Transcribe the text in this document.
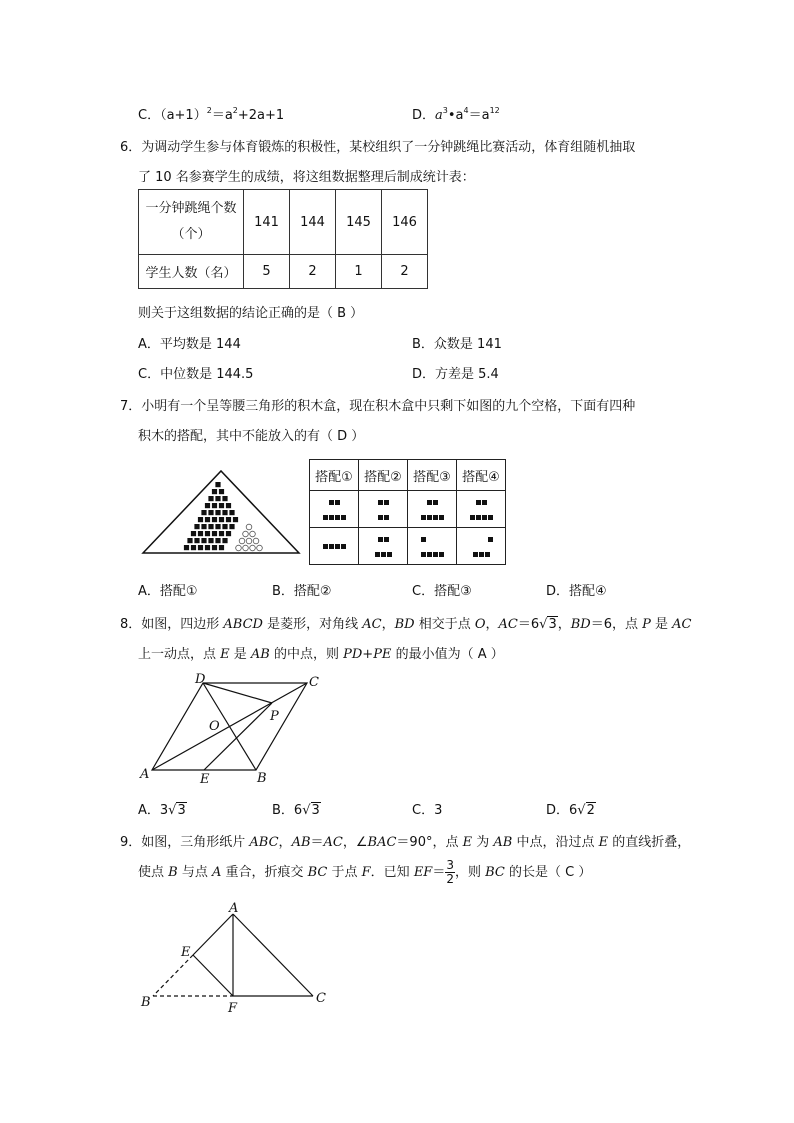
C．$(a+1)^2=a^2+2a+1$	D．$a^3•a^4=a^{12}$
6．为调动学生参与体育锻炼的积极性，某校组织了一分钟跳绳比赛活动，体育组随机抽取
了 10 名参赛学生的成绩，将这组数据整理后制成统计表：
一分钟跳绳个数
（个）	141	144	145	146
学生人数（名）	5	2	1	2
则关于这组数据的结论正确的是（ B ）
A．平均数是 144	B．众数是 141
C．中位数是 144.5	D．方差是 5.4
7．小明有一个呈等腰三角形的积木盒，现在积木盒中只剩下如图的九个空格，下面有四种
积木的搭配，其中不能放入的有（ D ）
搭配①	搭配②	搭配③	搭配④

A．搭配①	B．搭配②	C．搭配③	D．搭配④
8．如图，四边形 ABCD 是菱形，对角线 AC，BD 相交于点 O，AC＝6√3，BD＝6，点 P 是 AC
上一动点，点 E 是 AB 的中点，则 PD+PE 的最小值为（ A ）
D	C
O
P
A	E	B
A．3√3	B．6√3	C．3	D．6√2
9．如图，三角形纸片 ABC，AB＝AC，∠BAC＝90°，点 E 为 AB 中点，沿过点 E 的直线折叠，
使点 B 与点 A 重合，折痕交 BC 于点 F．已知 $EF= \frac{3}{2}$ ，则 BC 的长是（ C ）
A
E
B	F
C
